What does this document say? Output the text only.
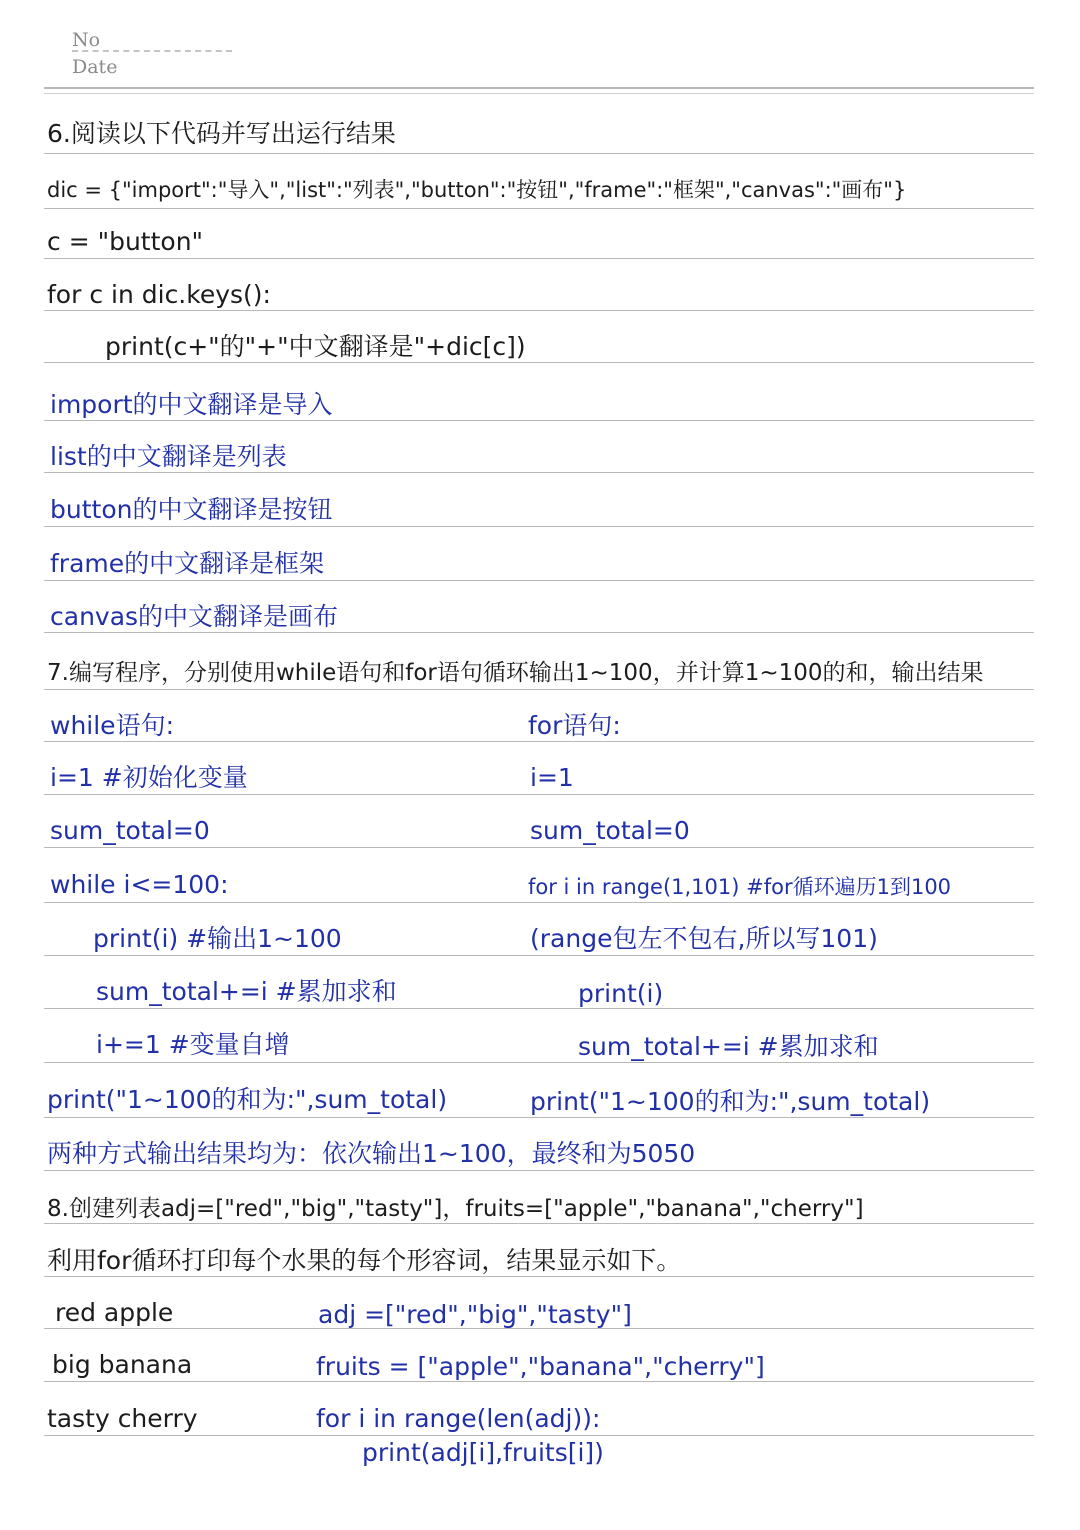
No
Date
6.阅读以下代码并写出运行结果
dic = {"import":"导入","list":"列表","button":"按钮","frame":"框架","canvas":"画布"}
c = "button"
for c in dic.keys():
print(c+"的"+"中文翻译是"+dic[c])
import的中文翻译是导入
list的中文翻译是列表
button的中文翻译是按钮
frame的中文翻译是框架
canvas的中文翻译是画布
7.编写程序，分别使用while语句和for语句循环输出1~100，并计算1~100的和，输出结果
while语句:
i=1 #初始化变量
sum_total=0
while i<=100:
print(i) #输出1~100
sum_total+=i #累加求和
i+=1 #变量自增
print("1~100的和为:",sum_total)
for语句:
i=1
sum_total=0
for i in range(1,101) #for循环遍历1到100
(range包左不包右,所以写101)
print(i)
sum_total+=i #累加求和
print("1~100的和为:",sum_total)
两种方式输出结果均为：依次输出1~100，最终和为5050
8.创建列表adj=["red","big","tasty"]，fruits=["apple","banana","cherry"]
利用for循环打印每个水果的每个形容词，结果显示如下。
red apple
big banana
tasty cherry
adj =["red","big","tasty"]
fruits = ["apple","banana","cherry"]
for i in range(len(adj)):
print(adj[i],fruits[i])
